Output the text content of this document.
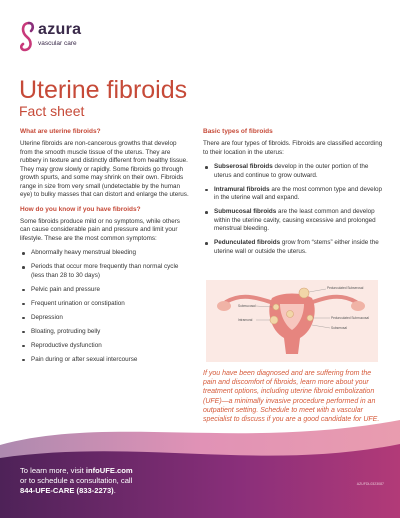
azura
vascular care
Uterine fibroids
Fact sheet
What are uterine fibroids?

Uterine fibroids are non-cancerous growths that develop from the smooth muscle tissue of the uterus. They are rubbery in texture and distinctly different from healthy tissue. They may grow slowly or rapidly. Some fibroids go through growth spurts, and some may shrink on their own. Fibroids range in size from very small (undetectable by the human eye) to bulky masses that can distort and enlarge the uterus.

How do you know if you have fibroids?

Some fibroids produce mild or no symptoms, while others can cause considerable pain and pressure and limit your lifestyle. These are the most common symptoms:

Abnormally heavy menstrual bleeding
Periods that occur more frequently than normal cycle (less than 28 to 30 days)
Pelvic pain and pressure
Frequent urination or constipation
Depression
Bloating, protruding belly
Reproductive dysfunction
Pain during or after sexual intercourse
Basic types of fibroids

There are four types of fibroids. Fibroids are classified according to their location in the uterus:

Subserosal fibroids develop in the outer portion of the uterus and continue to grow outward.
Intramural fibroids are the most common type and develop in the uterine wall and expand.
Submucosal fibroids are the least common and develop within the uterine cavity, causing excessive and prolonged menstrual bleeding.
Pedunculated fibroids grow from “stems” either inside the uterine wall or outside the uterus.
Pedunculated Subserosal
Submucosal
Intramural	Pedunculated Submucosal
Subserosal

If you have been diagnosed and are suffering from the pain and discomfort of fibroids, learn more about your treatment options, including uterine fibroid embolization (UFE)—a minimally invasive procedure performed in an outpatient setting. Schedule to meet with a vascular specialist to discuss if you are a good candidate for UFE.

To learn more, visit infoUFE.com
or to schedule a consultation, call
844-UFE-CARE (833-2273).
AZUFDL0323087
